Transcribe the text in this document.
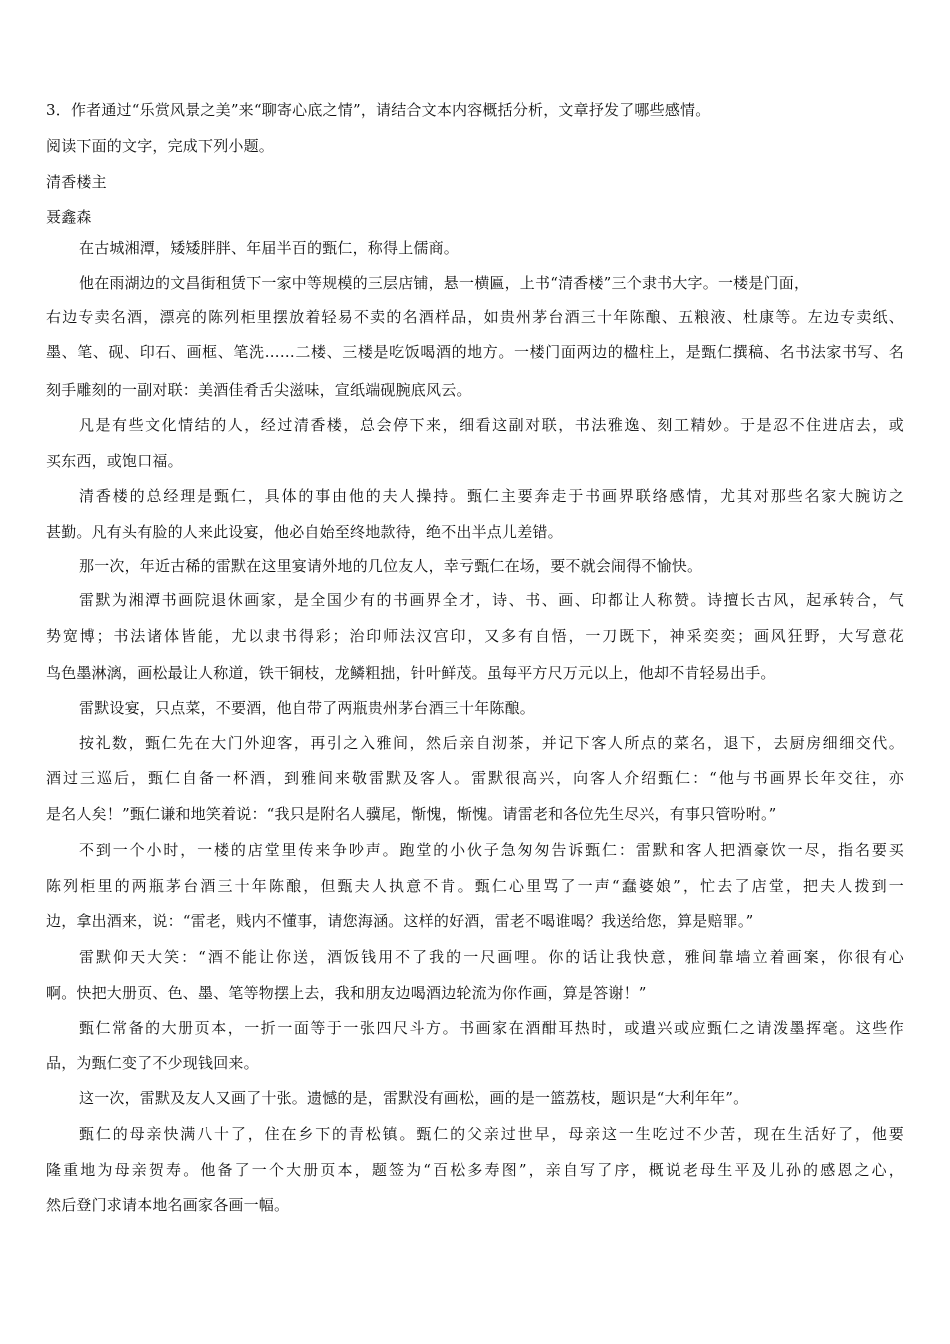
3．作者通过“乐赏风景之美”来“聊寄心底之情”，请结合文本内容概括分析，文章抒发了哪些感情。
阅读下面的文字，完成下列小题。
清香楼主
聂鑫森
在古城湘潭，矮矮胖胖、年届半百的甄仁，称得上儒商。
他在雨湖边的文昌街租赁下一家中等规模的三层店铺，悬一横匾，上书“清香楼”三个隶书大字。一楼是门面，
右边专卖名酒，漂亮的陈列柜里摆放着轻易不卖的名酒样品，如贵州茅台酒三十年陈酿、五粮液、杜康等。左边专卖纸、
墨、笔、砚、印石、画框、笔洗……二楼、三楼是吃饭喝酒的地方。一楼门面两边的楹柱上，是甄仁撰稿、名书法家书写、名
刻手雕刻的一副对联：美酒佳肴舌尖滋味，宣纸端砚腕底风云。
凡是有些文化情结的人，经过清香楼，总会停下来，细看这副对联，书法雅逸、刻工精妙。于是忍不住进店去，或
买东西，或饱口福。
清香楼的总经理是甄仁，具体的事由他的夫人操持。甄仁主要奔走于书画界联络感情，尤其对那些名家大腕访之
甚勤。凡有头有脸的人来此设宴，他必自始至终地款待，绝不出半点儿差错。
那一次，年近古稀的雷默在这里宴请外地的几位友人，幸亏甄仁在场，要不就会闹得不愉快。
雷默为湘潭书画院退休画家，是全国少有的书画界全才，诗、书、画、印都让人称赞。诗擅长古风，起承转合，气
势宽博；书法诸体皆能，尤以隶书得彩；治印师法汉宫印，又多有自悟，一刀既下，神采奕奕；画风狂野，大写意花
鸟色墨淋漓，画松最让人称道，铁干铜枝，龙鳞粗拙，针叶鲜茂。虽每平方尺万元以上，他却不肯轻易出手。
雷默设宴，只点菜，不要酒，他自带了两瓶贵州茅台酒三十年陈酿。
按礼数，甄仁先在大门外迎客，再引之入雅间，然后亲自沏茶，并记下客人所点的菜名，退下，去厨房细细交代。
酒过三巡后，甄仁自备一杯酒，到雅间来敬雷默及客人。雷默很高兴，向客人介绍甄仁：“他与书画界长年交往，亦
是名人矣！”甄仁谦和地笑着说：“我只是附名人骥尾，惭愧，惭愧。请雷老和各位先生尽兴，有事只管吩咐。”
不到一个小时，一楼的店堂里传来争吵声。跑堂的小伙子急匆匆告诉甄仁：雷默和客人把酒豪饮一尽，指名要买
陈列柜里的两瓶茅台酒三十年陈酿，但甄夫人执意不肯。甄仁心里骂了一声“蠢婆娘”，忙去了店堂，把夫人拨到一
边，拿出酒来，说：“雷老，贱内不懂事，请您海涵。这样的好酒，雷老不喝谁喝？我送给您，算是赔罪。”
雷默仰天大笑：“酒不能让你送，酒饭钱用不了我的一尺画哩。你的话让我快意，雅间靠墙立着画案，你很有心
啊。快把大册页、色、墨、笔等物摆上去，我和朋友边喝酒边轮流为你作画，算是答谢！”
甄仁常备的大册页本，一折一面等于一张四尺斗方。书画家在酒酣耳热时，或遣兴或应甄仁之请泼墨挥毫。这些作
品，为甄仁变了不少现钱回来。
这一次，雷默及友人又画了十张。遗憾的是，雷默没有画松，画的是一篮荔枝，题识是“大利年年”。
甄仁的母亲快满八十了，住在乡下的青松镇。甄仁的父亲过世早，母亲这一生吃过不少苦，现在生活好了，他要
隆重地为母亲贺寿。他备了一个大册页本，题签为“百松多寿图”，亲自写了序，概说老母生平及儿孙的感恩之心，
然后登门求请本地名画家各画一幅。
